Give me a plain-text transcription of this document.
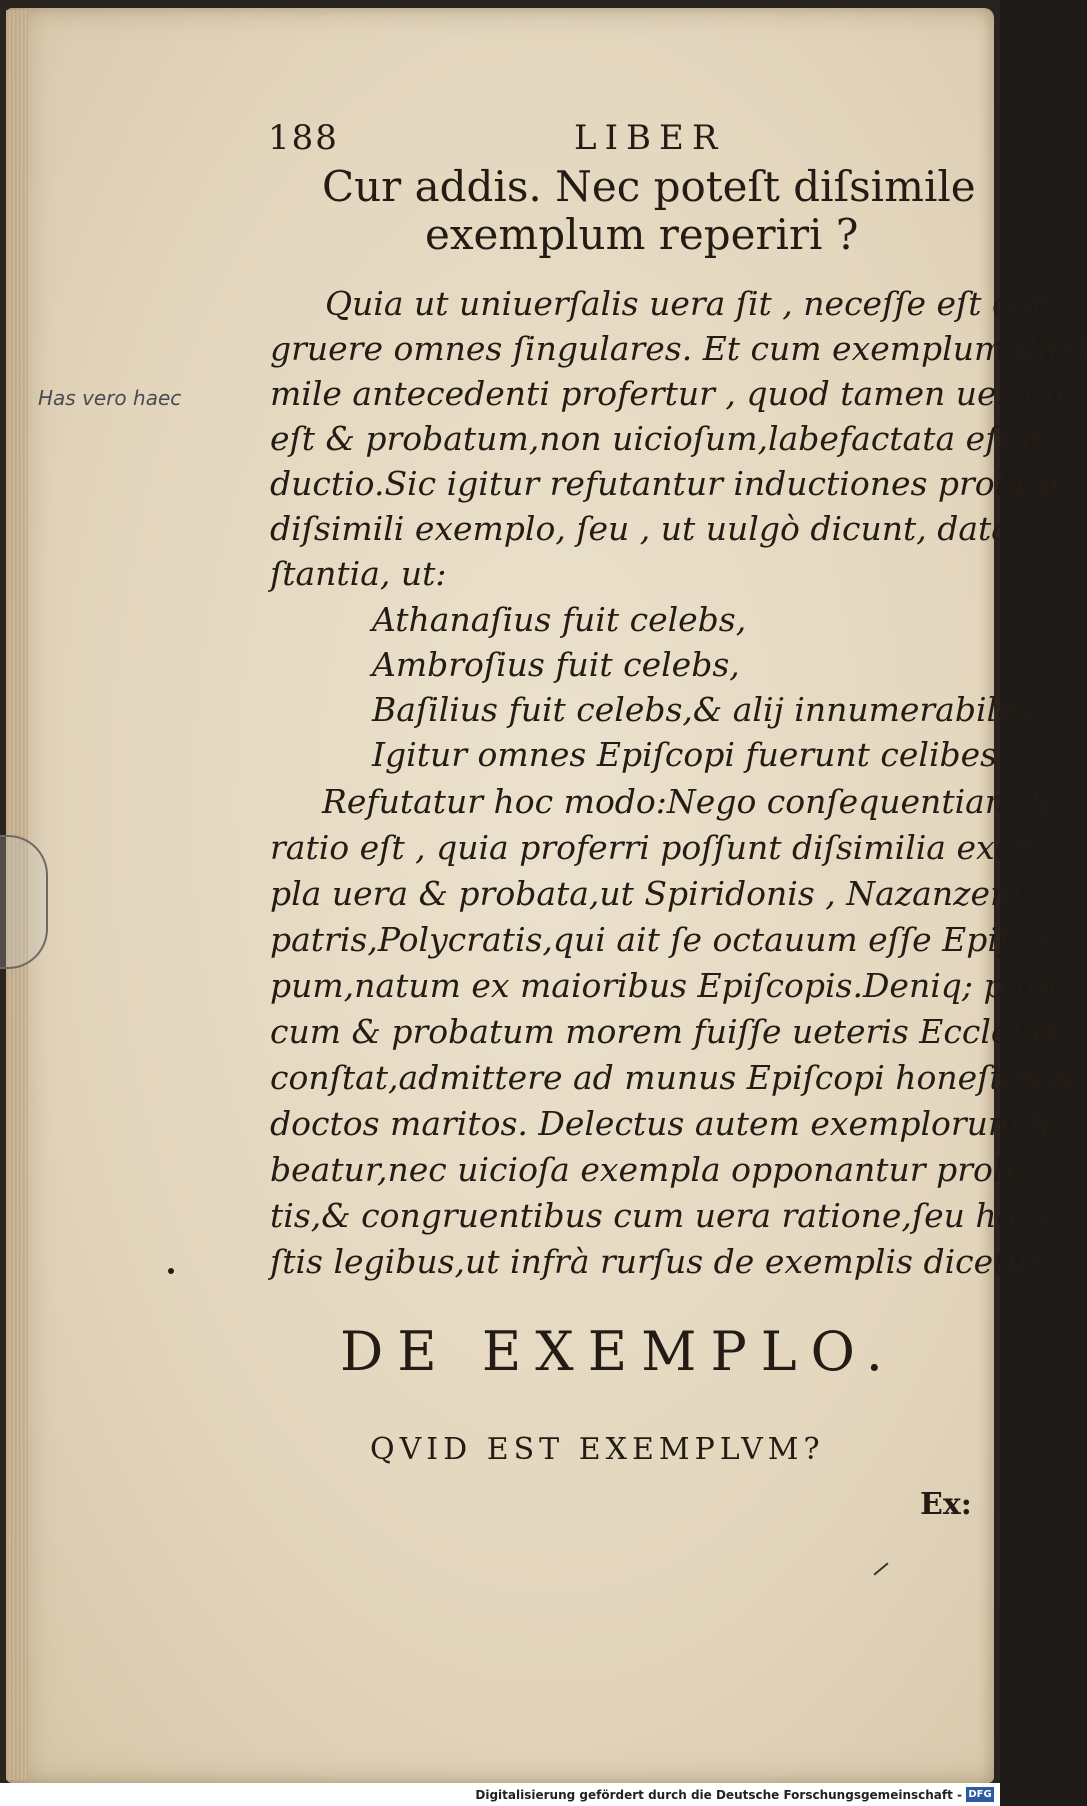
188	LIBER
Cur addis. Nec poteſt diſsimile
exemplum reperiri ?
Has vero haec
Quia ut uniuerſalis uera ſit , neceſſe eſt con-
gruere omnes ſingulares. Et cum exemplum diſsi
mile antecedenti profertur , quod tamen uerum
eſt & probatum,non uicioſum,labefactata eſt in
ductio.Sic igitur refutantur inductiones prolato
diſsimili exemplo, ſeu , ut uulgò dicunt, data in-
ſtantia, ut:
Athanaſius fuit celebs,
Ambroſius fuit celebs,
Baſilius fuit celebs,& alij innumerabiles,
Igitur omnes Epiſcopi fuerunt celibes.
Refutatur hoc modo:Nego conſequentiam,&
ratio eſt , quia proferri poſſunt diſsimilia exem-
pla uera & probata,ut Spiridonis , Nazanzeni
patris,Polycratis,qui ait ſe octauum eſſe Epiſco-
pum,natum ex maioribus Epiſcopis.Deniq; publi
cum & probatum morem fuiſſe ueteris Eccleſiæ
conſtat,admittere ad munus Epiſcopi honeſtos &
doctos maritos. Delectus autem exemplorum ha-
beatur,nec uicioſa exempla opponantur proba-
tis,& congruentibus cum uera ratione,ſeu hone-
ſtis legibus,ut infrà rurſus de exemplis dicetur.
DE EXEMPLO.
QVID EST EXEMPLVM?
Ex:
Digitalisierung gefördert durch die Deutsche Forschungsgemeinschaft - DFG
